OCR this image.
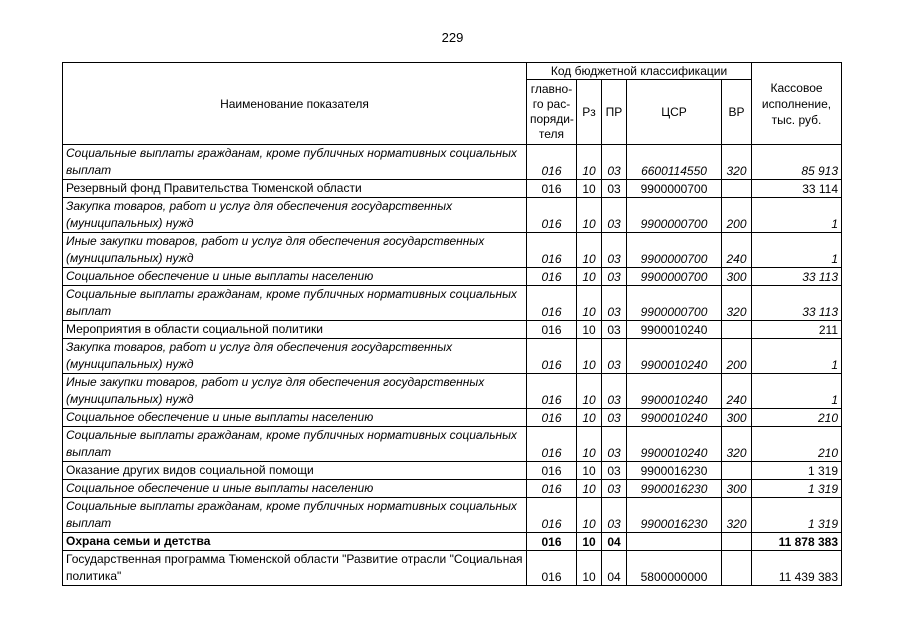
229
Наименование показателя	Код бюджетной классификации					Кассовое исполнение, тыс. руб.
	главно-го рас-поряди-теля	Рз	ПР	ЦСР	ВР	
Социальные выплаты гражданам, кроме публичных нормативных социальных выплат	016	10	03	6600114550	320	85 913
Резервный фонд Правительства Тюменской области	016	10	03	9900000700		33 114
Закупка товаров, работ и услуг для обеспечения государственных (муниципальных) нужд	016	10	03	9900000700	200	1
Иные закупки товаров, работ и услуг для обеспечения государственных (муниципальных) нужд	016	10	03	9900000700	240	1
Социальное обеспечение и иные выплаты населению	016	10	03	9900000700	300	33 113
Социальные выплаты гражданам, кроме публичных нормативных социальных выплат	016	10	03	9900000700	320	33 113
Мероприятия в области социальной политики	016	10	03	9900010240		211
Закупка товаров, работ и услуг для обеспечения государственных (муниципальных) нужд	016	10	03	9900010240	200	1
Иные закупки товаров, работ и услуг для обеспечения государственных (муниципальных) нужд	016	10	03	9900010240	240	1
Социальное обеспечение и иные выплаты населению	016	10	03	9900010240	300	210
Социальные выплаты гражданам, кроме публичных нормативных социальных выплат	016	10	03	9900010240	320	210
Оказание других видов социальной помощи	016	10	03	9900016230		1 319
Социальное обеспечение и иные выплаты населению	016	10	03	9900016230	300	1 319
Социальные выплаты гражданам, кроме публичных нормативных социальных выплат	016	10	03	9900016230	320	1 319
Охрана семьи и детства	016	10	04			11 878 383
Государственная программа Тюменской области "Развитие отрасли "Социальная политика"	016	10	04	5800000000		11 439 383
